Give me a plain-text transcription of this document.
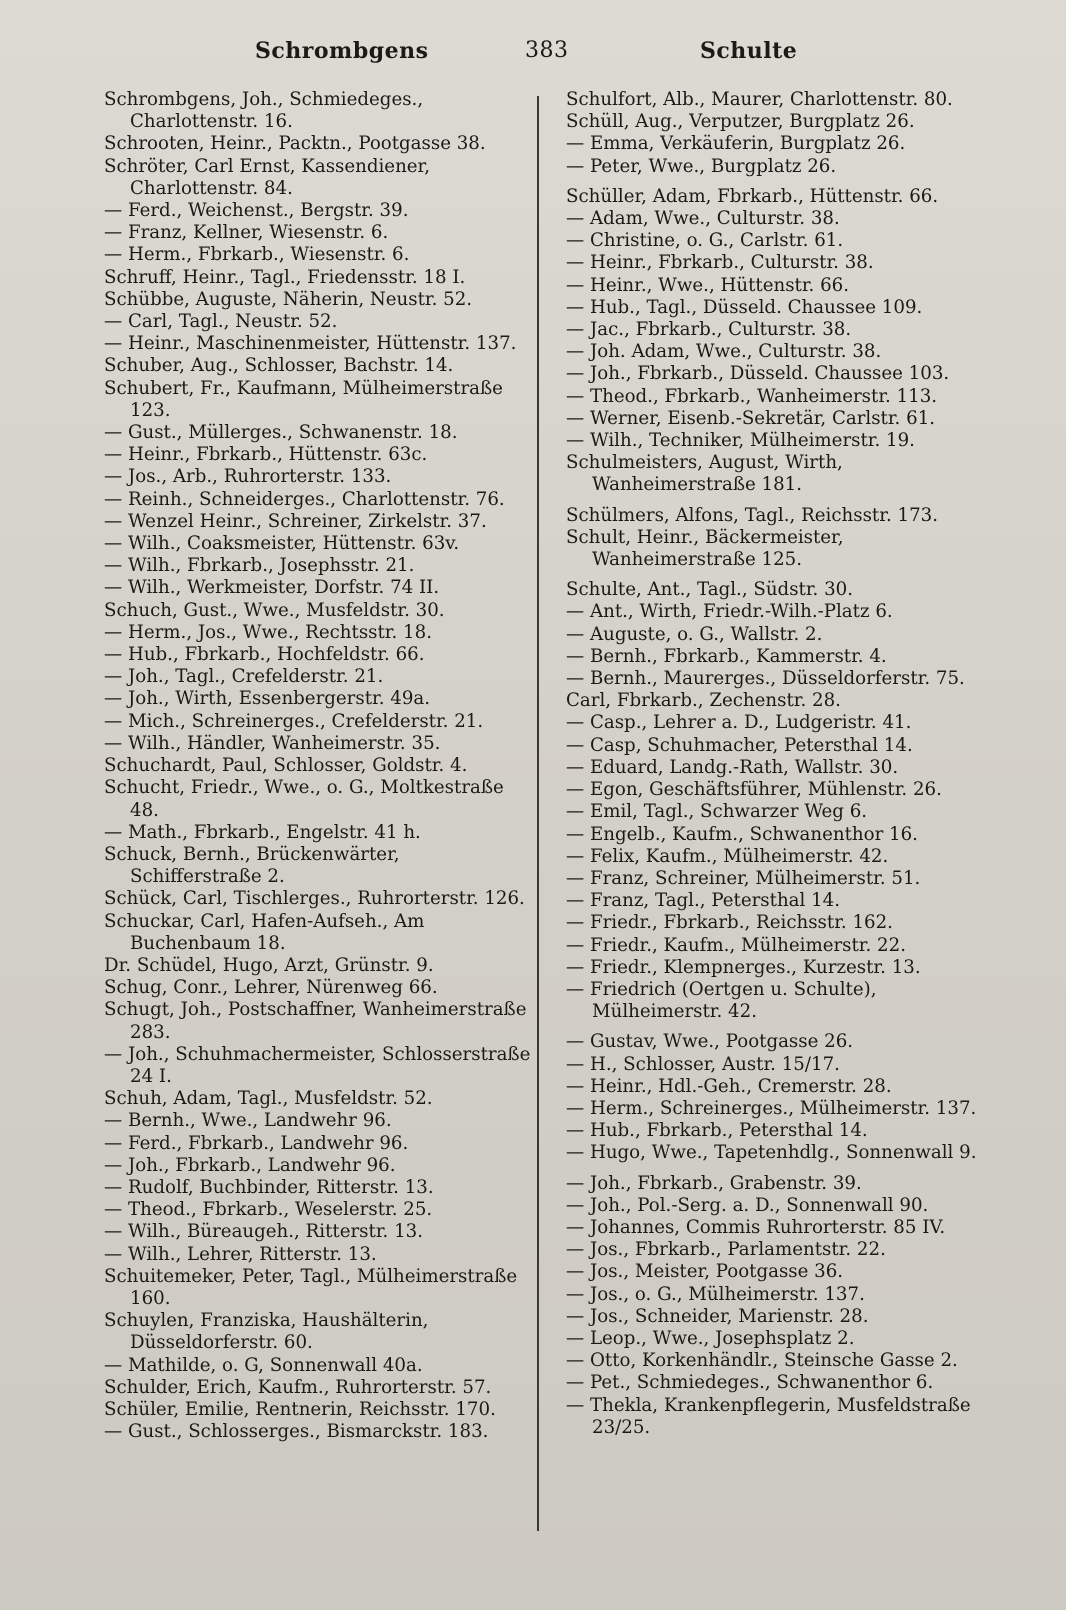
Schrombgens	383	Schulte

Schrombgens, Joh., Schmiedeges., Charlottenstr. 16.

Schrooten, Heinr., Packtn., Pootgasse 38.

Schröter, Carl Ernst, Kassendiener, Charlottenstr. 84.

— Ferd., Weichenst., Bergstr. 39.

— Franz, Kellner, Wiesenstr. 6.

— Herm., Fbrkarb., Wiesenstr. 6.

Schruff, Heinr., Tagl., Friedensstr. 18 I.

Schübbe, Auguste, Näherin, Neustr. 52.

— Carl, Tagl., Neustr. 52.

— Heinr., Maschinenmeister, Hüttenstr. 137.

Schuber, Aug., Schlosser, Bachstr. 14.

Schubert, Fr., Kaufmann, Mülheimerstraße 123.

— Gust., Müllerges., Schwanenstr. 18.

— Heinr., Fbrkarb., Hüttenstr. 63c.

— Jos., Arb., Ruhrorterstr. 133.

— Reinh., Schneiderges., Charlottenstr. 76.

— Wenzel Heinr., Schreiner, Zirkelstr. 37.

— Wilh., Coaksmeister, Hüttenstr. 63v.

— Wilh., Fbrkarb., Josephsstr. 21.

— Wilh., Werkmeister, Dorfstr. 74 II.

Schuch, Gust., Wwe., Musfeldstr. 30.

— Herm., Jos., Wwe., Rechtsstr. 18.

— Hub., Fbrkarb., Hochfeldstr. 66.

— Joh., Tagl., Crefelderstr. 21.

— Joh., Wirth, Essenbergerstr. 49a.

— Mich., Schreinerges., Crefelderstr. 21.

— Wilh., Händler, Wanheimerstr. 35.

Schuchardt, Paul, Schlosser, Goldstr. 4.

Schucht, Friedr., Wwe., o. G., Moltkestraße 48.

— Math., Fbrkarb., Engelstr. 41 h.

Schuck, Bernh., Brückenwärter, Schifferstraße 2.

Schück, Carl, Tischlerges., Ruhrorterstr. 126.

Schuckar, Carl, Hafen-Aufseh., Am Buchenbaum 18.

Dr. Schüdel, Hugo, Arzt, Grünstr. 9.

Schug, Conr., Lehrer, Nürenweg 66.

Schugt, Joh., Postschaffner, Wanheimerstraße 283.

— Joh., Schuhmachermeister, Schlosserstraße 24 I.

Schuh, Adam, Tagl., Musfeldstr. 52.

— Bernh., Wwe., Landwehr 96.

— Ferd., Fbrkarb., Landwehr 96.

— Joh., Fbrkarb., Landwehr 96.

— Rudolf, Buchbinder, Ritterstr. 13.

— Theod., Fbrkarb., Weselerstr. 25.

— Wilh., Büreaugeh., Ritterstr. 13.

— Wilh., Lehrer, Ritterstr. 13.

Schuitemeker, Peter, Tagl., Mülheimerstraße 160.

Schuylen, Franziska, Haushälterin, Düsseldorferstr. 60.

— Mathilde, o. G, Sonnenwall 40a.

Schulder, Erich, Kaufm., Ruhrorterstr. 57.

Schüler, Emilie, Rentnerin, Reichsstr. 170.

— Gust., Schlosserges., Bismarckstr. 183.

Schulfort, Alb., Maurer, Charlottenstr. 80.

Schüll, Aug., Verputzer, Burgplatz 26.

— Emma, Verkäuferin, Burgplatz 26.

— Peter, Wwe., Burgplatz 26.

Schüller, Adam, Fbrkarb., Hüttenstr. 66.

— Adam, Wwe., Culturstr. 38.

— Christine, o. G., Carlstr. 61.

— Heinr., Fbrkarb., Culturstr. 38.

— Heinr., Wwe., Hüttenstr. 66.

— Hub., Tagl., Düsseld. Chaussee 109.

— Jac., Fbrkarb., Culturstr. 38.

— Joh. Adam, Wwe., Culturstr. 38.

— Joh., Fbrkarb., Düsseld. Chaussee 103.

— Theod., Fbrkarb., Wanheimerstr. 113.

— Werner, Eisenb.-Sekretär, Carlstr. 61.

— Wilh., Techniker, Mülheimerstr. 19.

Schulmeisters, August, Wirth, Wanheimerstraße 181.

Schülmers, Alfons, Tagl., Reichsstr. 173.

Schult, Heinr., Bäckermeister, Wanheimerstraße 125.

Schulte, Ant., Tagl., Südstr. 30.

— Ant., Wirth, Friedr.-Wilh.-Platz 6.

— Auguste, o. G., Wallstr. 2.

— Bernh., Fbrkarb., Kammerstr. 4.

— Bernh., Maurerges., Düsseldorferstr. 75.

Carl, Fbrkarb., Zechenstr. 28.

— Casp., Lehrer a. D., Ludgeristr. 41.

— Casp, Schuhmacher, Petersthal 14.

— Eduard, Landg.-Rath, Wallstr. 30.

— Egon, Geschäftsführer, Mühlenstr. 26.

— Emil, Tagl., Schwarzer Weg 6.

— Engelb., Kaufm., Schwanenthor 16.

— Felix, Kaufm., Mülheimerstr. 42.

— Franz, Schreiner, Mülheimerstr. 51.

— Franz, Tagl., Petersthal 14.

— Friedr., Fbrkarb., Reichsstr. 162.

— Friedr., Kaufm., Mülheimerstr. 22.

— Friedr., Klempnerges., Kurzestr. 13.

— Friedrich (Oertgen u. Schulte), Mülheimerstr. 42.

— Gustav, Wwe., Pootgasse 26.

— H., Schlosser, Austr. 15/17.

— Heinr., Hdl.-Geh., Cremerstr. 28.

— Herm., Schreinerges., Mülheimerstr. 137.

— Hub., Fbrkarb., Petersthal 14.

— Hugo, Wwe., Tapetenhdlg., Sonnenwall 9.

— Joh., Fbrkarb., Grabenstr. 39.

— Joh., Pol.-Serg. a. D., Sonnenwall 90.

— Johannes, Commis Ruhrorterstr. 85 IV.

— Jos., Fbrkarb., Parlamentstr. 22.

— Jos., Meister, Pootgasse 36.

— Jos., o. G., Mülheimerstr. 137.

— Jos., Schneider, Marienstr. 28.

— Leop., Wwe., Josephsplatz 2.

— Otto, Korkenhändlr., Steinsche Gasse 2.

— Pet., Schmiedeges., Schwanenthor 6.

— Thekla, Krankenpflegerin, Musfeldstraße 23/25.
